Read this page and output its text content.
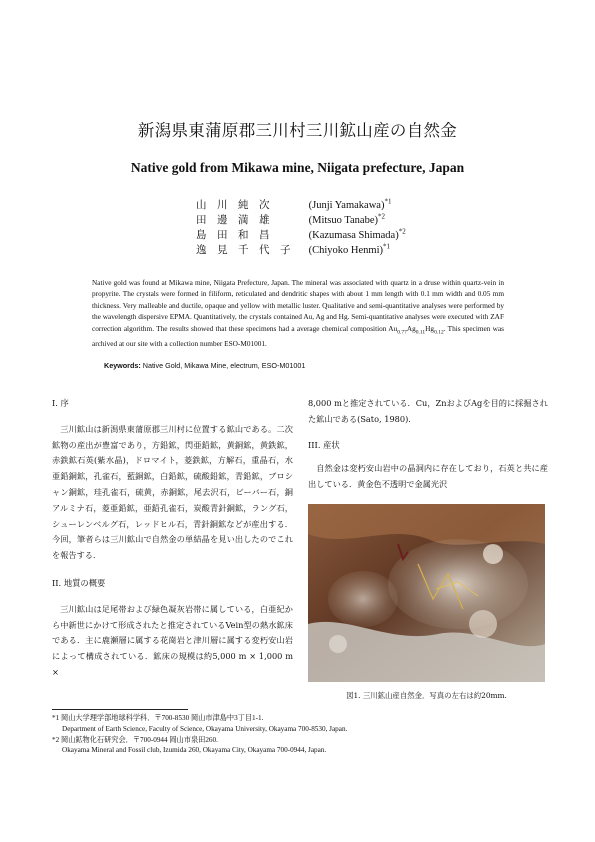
新潟県東蒲原郡三川村三川鉱山産の自然金
Native gold from Mikawa mine, Niigata prefecture, Japan
山　川　純　次	(Junji Yamakawa)$^{*1}$
田　邊　満　雄	(Mitsuo Tanabe)$^{*2}$
島　田　和　昌	(Kazumasa Shimada)$^{*2}$
逸　見　千　代　子 (Chiyoko Henmi)$^{*1}$
Native gold was found at Mikawa mine, Niigata Prefecture, Japan. The mineral was associated with quartz in a druse within quartz-vein in propyrite. The crystals were formed in filiform, reticulated and dendritic shapes with about 1 mm length with 0.1 mm width and 0.05 mm thickness. Very malleable and ductile, opaque and yellow with metallic luster. Qualitative and semi-quantitative analyses were performed by the wavelength dispersive EPMA. Quantitatively, the crystals contained Au, Ag and Hg. Semi-quantitative analyses were executed with ZAF correction algorithm. The results showed that these specimens had a average chemical composition $Au_{0.77}Ag_{0.11}Hg_{0.12}$. This specimen was archived at our site with a collection number ESO-M01001.
Keywords: Native Gold, Mikawa Mine, electrum, ESO-M01001
I. 序

三川鉱山は新潟県東蒲原郡三川村に位置する鉱山である。二次鉱物の産出が豊富であり，方鉛鉱，閃亜鉛鉱，黄銅鉱，黄鉄鉱，赤鉄鉱石英(紫水晶)，ドロマイト，菱鉄鉱，方解石，重晶石，水亜鉛銅鉱，孔雀石，藍銅鉱，白鉛鉱，硫酸鉛鉱，青鉛鉱，ブロシャン銅鉱，珪孔雀石，硫黄，赤銅鉱，尾去沢石，ビーバー石，銅アルミナ石，菱亜鉛鉱，亜鉛孔雀石，炭酸青針銅鉱，ラング石，シューレンベルグ石，レッドヒル石，青針銅鉱などが産出する．今回，筆者らは三川鉱山で自然金の単結晶を見い出したのでこれを報告する．

II. 地質の概要

三川鉱山は足尾帯および緑色凝灰岩帯に属している，白亜紀から中新世にかけて形成されたと推定されているVein型の熱水鉱床である．主に鹿瀬層に属する花崗岩と津川層に属する変朽安山岩によって構成されている．鉱床の規模は約5,000 m × 1,000 m ×

8,000 mと推定されている．Cu，ZnおよびAgを目的に採掘された鉱山である(Sato, 1980)．
III. 産状

自然金は変朽安山岩中の晶洞内に存在しており，石英と共に産出している．黄金色不透明で金属光沢

図1. 三川鉱山産自然金．写真の左右は約20mm.
*1 岡山大学理学部地球科学科．〒700-8530 岡山市津島中3丁目1-1.
Department of Earth Science, Faculty of Science, Okayama University, Okayama 700-8530, Japan.
*2 岡山鉱物化石研究会．〒700-0944 岡山市泉田260.
Okayama Mineral and Fossil club, Izumida 260, Okayama City, Okayama 700-0944, Japan.
